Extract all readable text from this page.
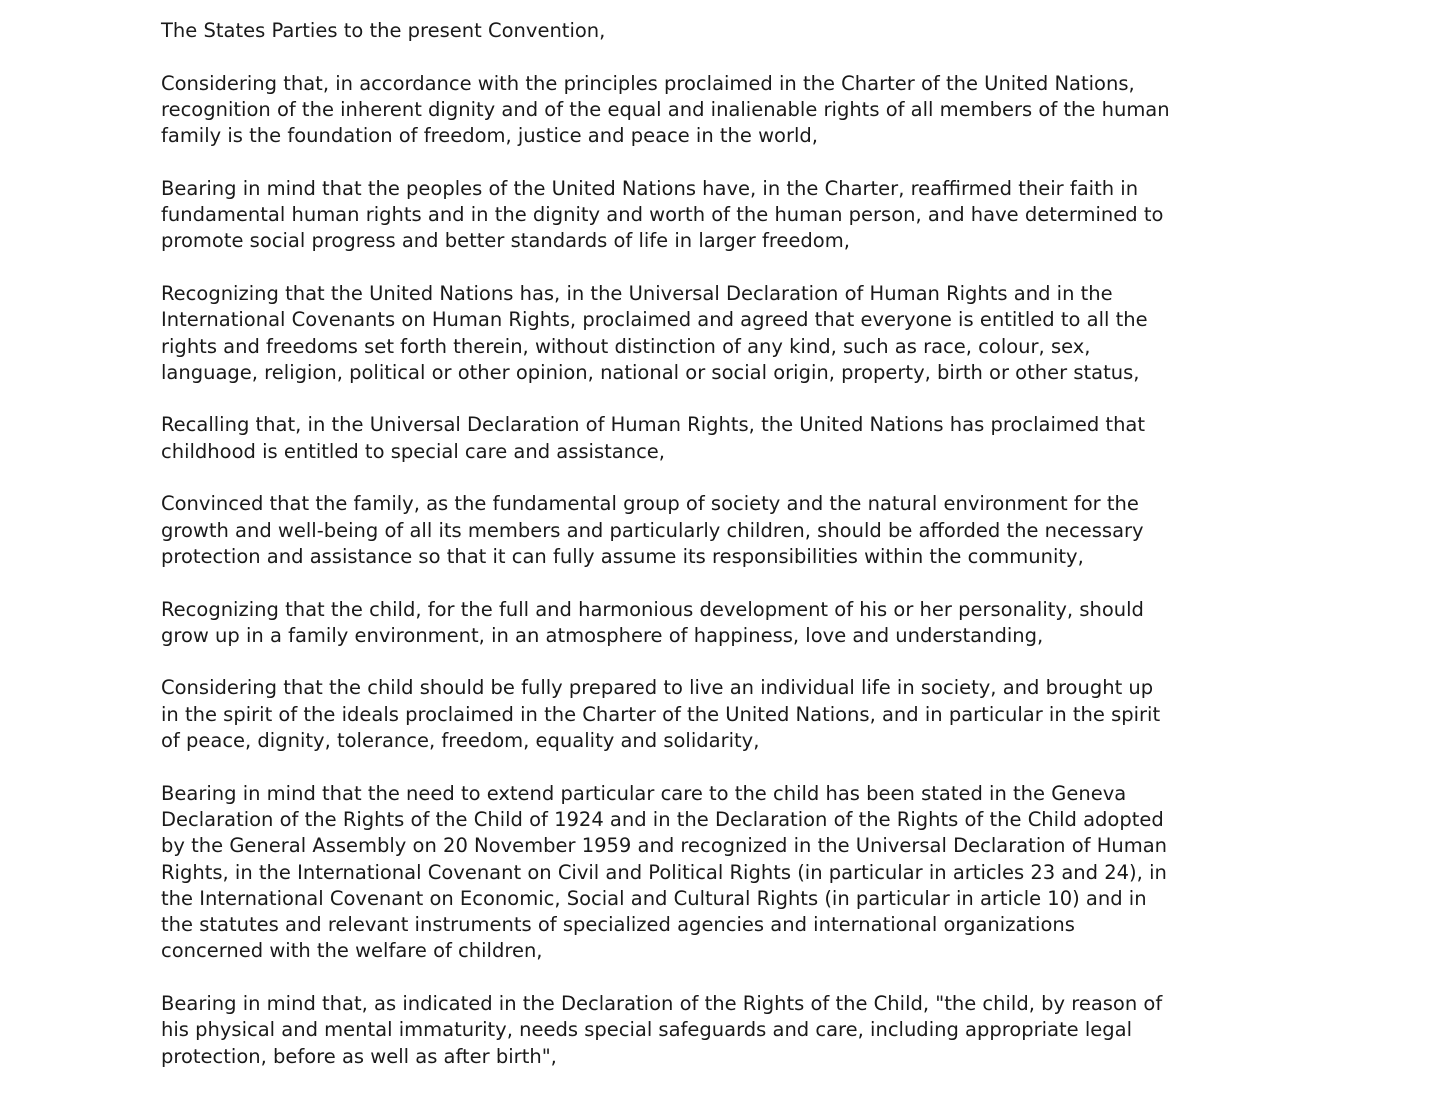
The States Parties to the present Convention,

Considering that, in accordance with the principles proclaimed in the Charter of the United Nations,
recognition of the inherent dignity and of the equal and inalienable rights of all members of the human
family is the foundation of freedom, justice and peace in the world,

Bearing in mind that the peoples of the United Nations have, in the Charter, reaffirmed their faith in
fundamental human rights and in the dignity and worth of the human person, and have determined to
promote social progress and better standards of life in larger freedom,

Recognizing that the United Nations has, in the Universal Declaration of Human Rights and in the
International Covenants on Human Rights, proclaimed and agreed that everyone is entitled to all the
rights and freedoms set forth therein, without distinction of any kind, such as race, colour, sex,
language, religion, political or other opinion, national or social origin, property, birth or other status,

Recalling that, in the Universal Declaration of Human Rights, the United Nations has proclaimed that
childhood is entitled to special care and assistance,

Convinced that the family, as the fundamental group of society and the natural environment for the
growth and well-being of all its members and particularly children, should be afforded the necessary
protection and assistance so that it can fully assume its responsibilities within the community,

Recognizing that the child, for the full and harmonious development of his or her personality, should
grow up in a family environment, in an atmosphere of happiness, love and understanding,

Considering that the child should be fully prepared to live an individual life in society, and brought up
in the spirit of the ideals proclaimed in the Charter of the United Nations, and in particular in the spirit
of peace, dignity, tolerance, freedom, equality and solidarity,

Bearing in mind that the need to extend particular care to the child has been stated in the Geneva
Declaration of the Rights of the Child of 1924 and in the Declaration of the Rights of the Child adopted
by the General Assembly on 20 November 1959 and recognized in the Universal Declaration of Human
Rights, in the International Covenant on Civil and Political Rights (in particular in articles 23 and 24), in
the International Covenant on Economic, Social and Cultural Rights (in particular in article 10) and in
the statutes and relevant instruments of specialized agencies and international organizations
concerned with the welfare of children,

Bearing in mind that, as indicated in the Declaration of the Rights of the Child, "the child, by reason of
his physical and mental immaturity, needs special safeguards and care, including appropriate legal
protection, before as well as after birth",
